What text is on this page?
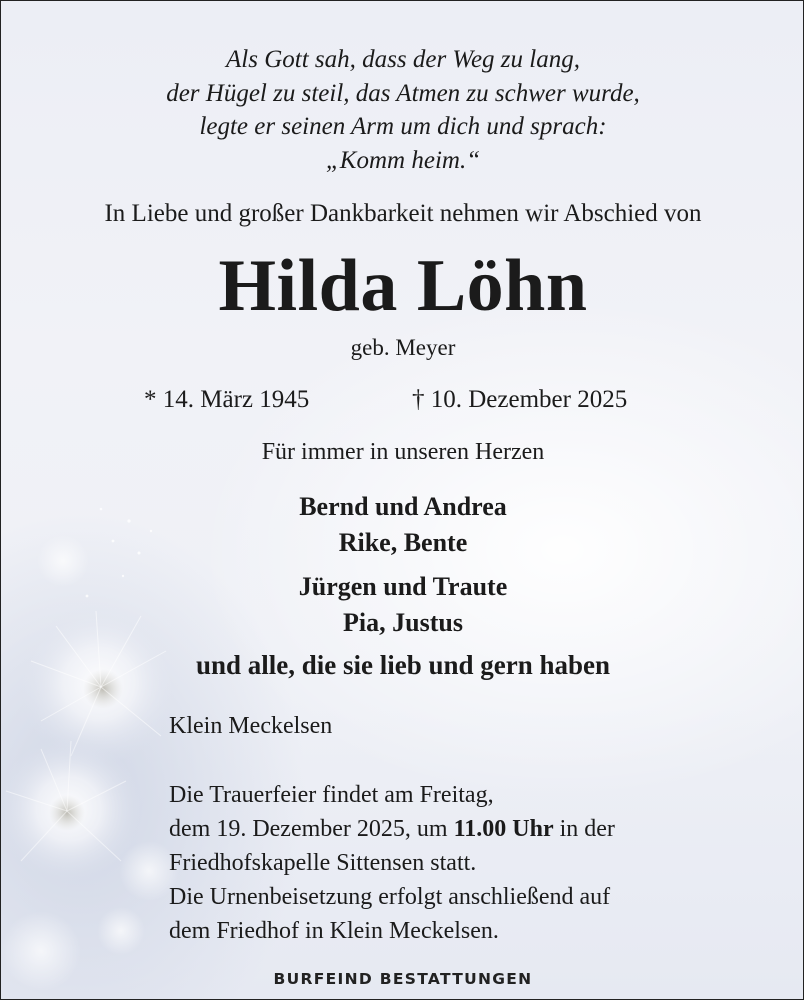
Als Gott sah, dass der Weg zu lang,
der Hügel zu steil, das Atmen zu schwer wurde,
legte er seinen Arm um dich und sprach:
„Komm heim.“
In Liebe und großer Dankbarkeit nehmen wir Abschied von
Hilda Löhn
geb. Meyer
* 14. März 1945	† 10. Dezember 2025
Für immer in unseren Herzen
Bernd und Andrea
Rike, Bente
Jürgen und Traute
Pia, Justus
und alle, die sie lieb und gern haben
Klein Meckelsen
Die Trauerfeier findet am Freitag,
dem 19. Dezember 2025, um 11.00 Uhr in der
Friedhofskapelle Sittensen statt.
Die Urnenbeisetzung erfolgt anschließend auf
dem Friedhof in Klein Meckelsen.
BURFEIND BESTATTUNGEN
